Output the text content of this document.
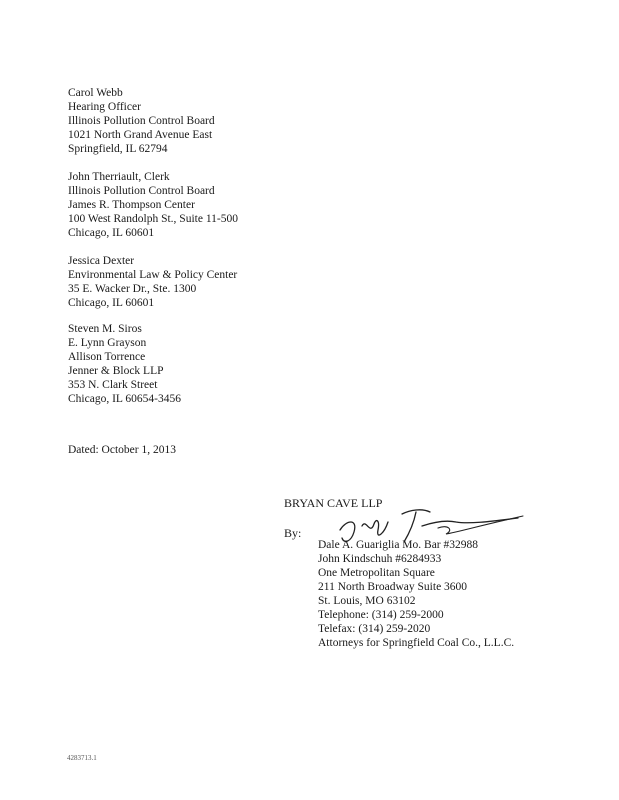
Carol Webb
Hearing Officer
Illinois Pollution Control Board
1021 North Grand Avenue East
Springfield, IL 62794
John Therriault, Clerk
Illinois Pollution Control Board
James R. Thompson Center
100 West Randolph St., Suite 11-500
Chicago, IL 60601
Jessica Dexter
Environmental Law & Policy Center
35 E. Wacker Dr., Ste. 1300
Chicago, IL 60601
Steven M. Siros
E. Lynn Grayson
Allison Torrence
Jenner & Block LLP
353 N. Clark Street
Chicago, IL 60654-3456
Dated: October 1, 2013
BRYAN CAVE LLP
By:
Dale A. Guariglia Mo. Bar #32988
John Kindschuh #6284933
One Metropolitan Square
211 North Broadway Suite 3600
St. Louis, MO 63102
Telephone: (314) 259-2000
Telefax: (314) 259-2020
Attorneys for Springfield Coal Co., L.L.C.
4283713.1
